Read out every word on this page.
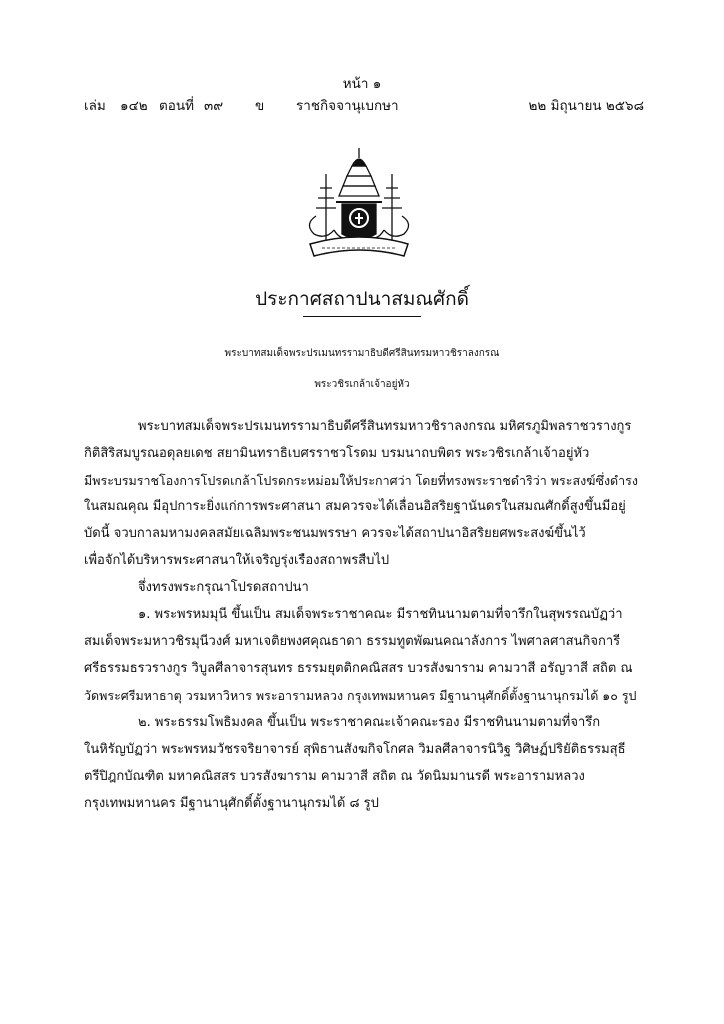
หน้า ๑
เล่ม ๑๔๒ ตอนที่ ๓๙ ข ราชกิจจานุเบกษา	๒๒ มิถุนายน ๒๕๖๘
ประกาศสถาปนาสมณศักดิ์
พระบาทสมเด็จพระปรเมนทรรามาธิบดีศรีสินทรมหาวชิราลงกรณ
พระวชิรเกล้าเจ้าอยู่หัว
พระบาทสมเด็จพระปรเมนทรรามาธิบดีศรีสินทรมหาวชิราลงกรณ มหิศรภูมิพลราชวรางกูร
กิติสิริสมบูรณอดุลยเดช สยามินทราธิเบศรราชวโรดม บรมนาถบพิตร พระวชิรเกล้าเจ้าอยู่หัว
มีพระบรมราชโองการโปรดเกล้าโปรดกระหม่อมให้ประกาศว่า โดยที่ทรงพระราชดำริว่า พระสงฆ์ซึ่งดำรง
ในสมณคุณ มีอุปการะยิ่งแก่การพระศาสนา สมควรจะได้เลื่อนอิสริยฐานันดรในสมณศักดิ์สูงขึ้นมีอยู่
บัดนี้ จวบกาลมหามงคลสมัยเฉลิมพระชนมพรรษา ควรจะได้สถาปนาอิสริยยศพระสงฆ์ขึ้นไว้
เพื่อจักได้บริหารพระศาสนาให้เจริญรุ่งเรืองสถาพรสืบไป
จึ่งทรงพระกรุณาโปรดสถาปนา
๑. พระพรหมมุนี ขึ้นเป็น สมเด็จพระราชาคณะ มีราชทินนามตามที่จารึกในสุพรรณบัฏว่า
สมเด็จพระมหาวชิรมุนีวงศ์ มหาเจติยพงศคุณธาดา ธรรมทูตพัฒนคณาลังการ ไพศาลศาสนกิจการี
ศรีธรรมธรวรางกูร วิบูลศีลาจารสุนทร ธรรมยุตติกคณิสสร บวรสังฆาราม คามวาสี อรัญวาสี สถิต ณ
วัดพระศรีมหาธาตุ วรมหาวิหาร พระอารามหลวง กรุงเทพมหานคร มีฐานานุศักดิ์ตั้งฐานานุกรมได้ ๑๐ รูป
๒. พระธรรมโพธิมงคล ขึ้นเป็น พระราชาคณะเจ้าคณะรอง มีราชทินนามตามที่จารึก
ในหิรัญบัฏว่า พระพรหมวัชรจริยาจารย์ สุพิธานสังฆกิจโกศล วิมลศีลาจารนิวิฐ วิศิษฏ์ปริยัติธรรมสุธี
ตรีปิฎกบัณฑิต มหาคณิสสร บวรสังฆาราม คามวาสี สถิต ณ วัดนิมมานรดี พระอารามหลวง
กรุงเทพมหานคร มีฐานานุศักดิ์ตั้งฐานานุกรมได้ ๘ รูป
